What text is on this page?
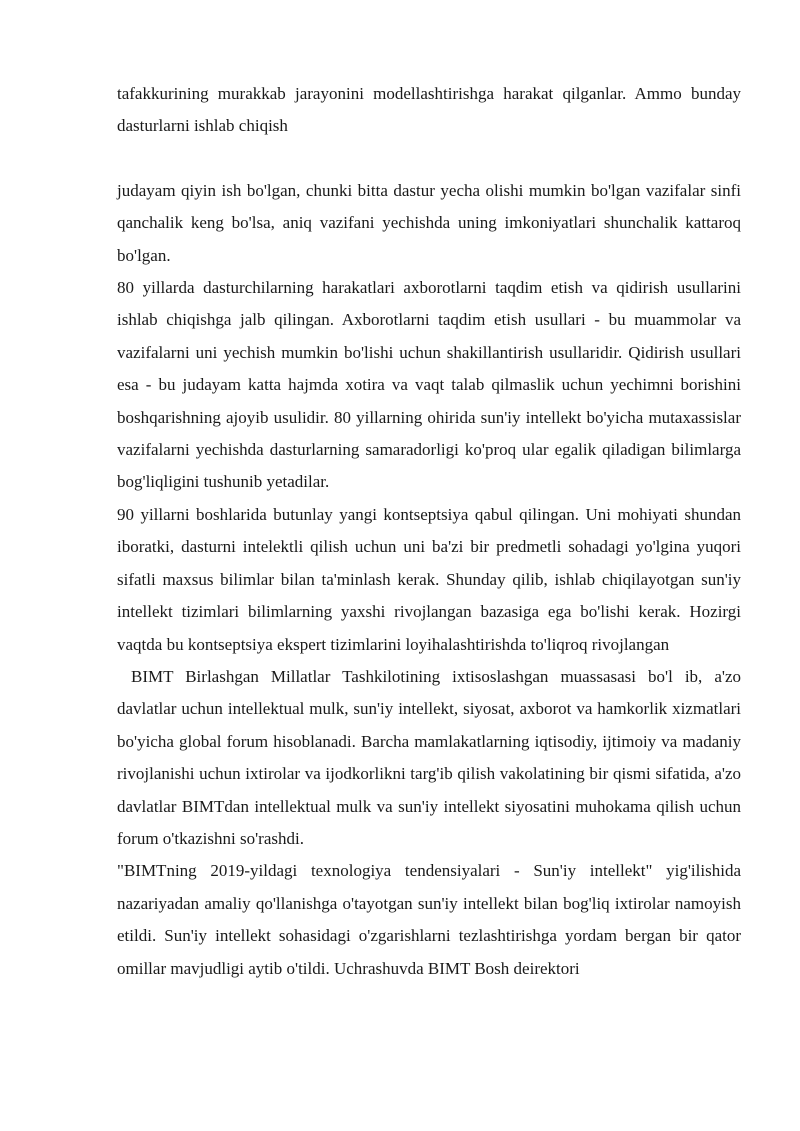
tafakkurining murakkab jarayonini modellashtirishga harakat qilganlar. Ammo bunday dasturlarni ishlab chiqish

judayam qiyin ish bo'lgan, chunki bitta dastur yecha olishi mumkin bo'lgan vazifalar sinfi qanchalik keng bo'lsa, aniq vazifani yechishda uning imkoniyatlari shunchalik kattaroq bo'lgan.

80 yillarda dasturchilarning harakatlari axborotlarni taqdim etish va qidirish usullarini ishlab chiqishga jalb qilingan. Axborotlarni taqdim etish usullari - bu muammolar va vazifalarni uni yechish mumkin bo'lishi uchun shakillantirish usullaridir. Qidirish usullari esa - bu judayam katta hajmda xotira va vaqt talab qilmaslik uchun yechimni borishini boshqarishning ajoyib usulidir. 80 yillarning ohirida sun'iy intellekt bo'yicha mutaxassislar vazifalarni yechishda dasturlarning samaradorligi ko'proq ular egalik qiladigan bilimlarga bog'liqligini tushunib yetadilar.

90 yillarni boshlarida butunlay yangi kontseptsiya qabul qilingan. Uni mohiyati shundan iboratki, dasturni intelektli qilish uchun uni ba'zi bir predmetli sohadagi yo'lgina yuqori sifatli maxsus bilimlar bilan ta'minlash kerak. Shunday qilib, ishlab chiqilayotgan sun'iy intellekt tizimlari bilimlarning yaxshi rivojlangan bazasiga ega bo'lishi kerak. Hozirgi vaqtda bu kontseptsiya ekspert tizimlarini loyihalashtirishda to'liqroq rivojlangan

BIMT Birlashgan Millatlar Tashkilotining ixtisoslashgan muassasasi bo'l ib, a'zo davlatlar uchun intellektual mulk, sun'iy intellekt, siyosat, axborot va hamkorlik xizmatlari bo'yicha global forum hisoblanadi. Barcha mamlakatlarning iqtisodiy, ijtimoiy va madaniy rivojlanishi uchun ixtirolar va ijodkorlikni targ'ib qilish vakolatining bir qismi sifatida, a'zo davlatlar BIMTdan intellektual mulk va sun'iy intellekt siyosatini muhokama qilish uchun forum o'tkazishni so'rashdi.

"BIMTning 2019-yildagi texnologiya tendensiyalari - Sun'iy intellekt" yig'ilishida nazariyadan amaliy qo'llanishga o'tayotgan sun'iy intellekt bilan bog'liq ixtirolar namoyish etildi. Sun'iy intellekt sohasidagi o'zgarishlarni tezlashtirishga yordam bergan bir qator omillar mavjudligi aytib o'tildi. Uchrashuvda BIMT Bosh deirektori
